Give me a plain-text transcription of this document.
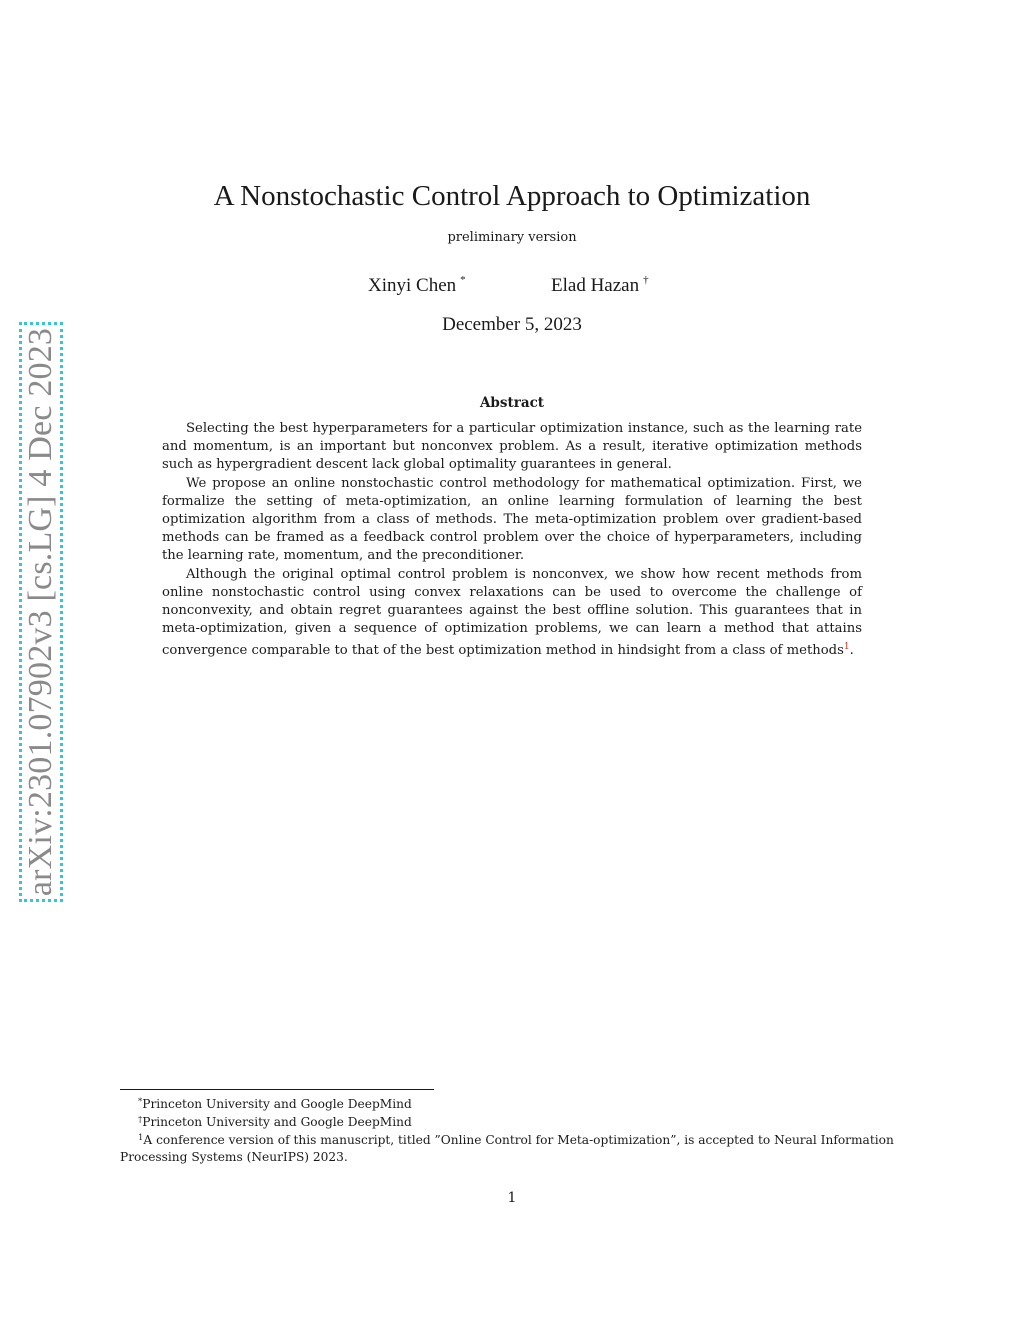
arXiv:2301.07902v3 [cs.LG] 4 Dec 2023
A Nonstochastic Control Approach to Optimization
preliminary version
Xinyi Chen *	Elad Hazan †
December 5, 2023
Abstract

Selecting the best hyperparameters for a particular optimization instance, such as the learning rate and momentum, is an important but nonconvex problem. As a result, iterative optimization methods such as hypergradient descent lack global optimality guarantees in general.

We propose an online nonstochastic control methodology for mathematical optimization. First, we formalize the setting of meta-optimization, an online learning formulation of learning the best optimization algorithm from a class of methods. The meta-optimization problem over gradient-based methods can be framed as a feedback control problem over the choice of hyperparameters, including the learning rate, momentum, and the preconditioner.

Although the original optimal control problem is nonconvex, we show how recent methods from online nonstochastic control using convex relaxations can be used to overcome the challenge of nonconvexity, and obtain regret guarantees against the best offline solution. This guarantees that in meta-optimization, given a sequence of optimization problems, we can learn a method that attains convergence comparable to that of the best optimization method in hindsight from a class of methods$^1$.

*Princeton University and Google DeepMind

†Princeton University and Google DeepMind

$^1$A conference version of this manuscript, titled ”Online Control for Meta-optimization”, is accepted to Neural Information Processing Systems (NeurIPS) 2023.

1
